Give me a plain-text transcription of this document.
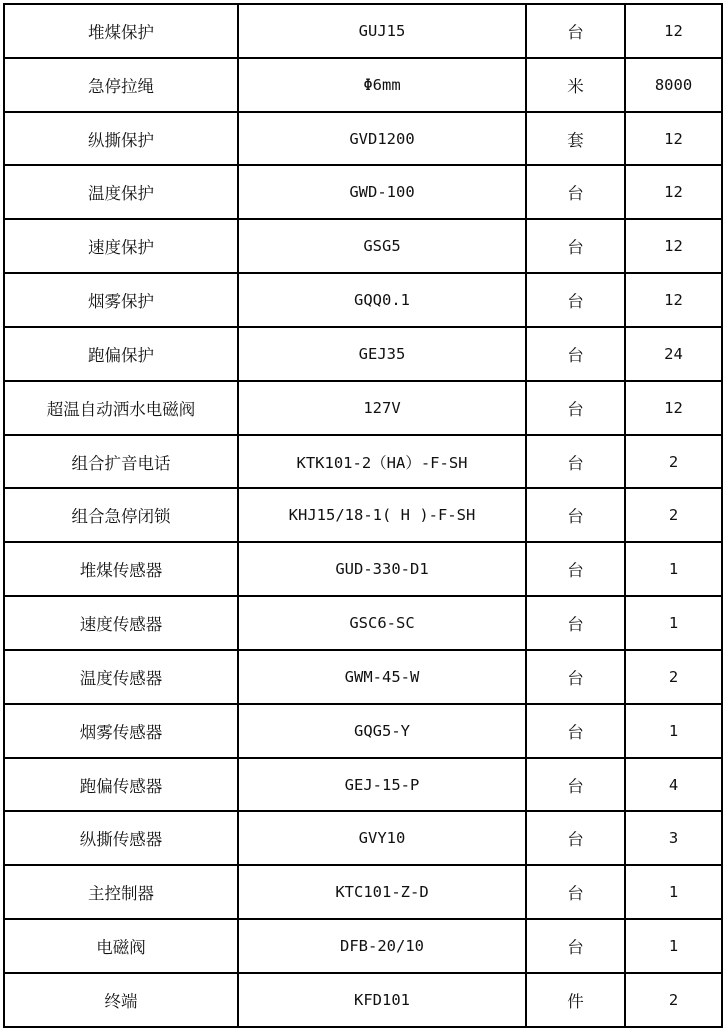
堆煤保护	GUJ15	台	12
急停拉绳	Φ6mm	米	8000
纵撕保护	GVD1200	套	12
温度保护	GWD-100	台	12
速度保护	GSG5	台	12
烟雾保护	GQQ0.1	台	12
跑偏保护	GEJ35	台	24
超温自动洒水电磁阀	127V	台	12
组合扩音电话	KTK101-2（HA）-F-SH	台	2
组合急停闭锁	KHJ15/18-1( H )-F-SH	台	2
堆煤传感器	GUD-330-D1	台	1
速度传感器	GSC6-SC	台	1
温度传感器	GWM-45-W	台	2
烟雾传感器	GQG5-Y	台	1
跑偏传感器	GEJ-15-P	台	4
纵撕传感器	GVY10	台	3
主控制器	KTC101-Z-D	台	1
电磁阀	DFB-20/10	台	1
终端	KFD101	件	2
